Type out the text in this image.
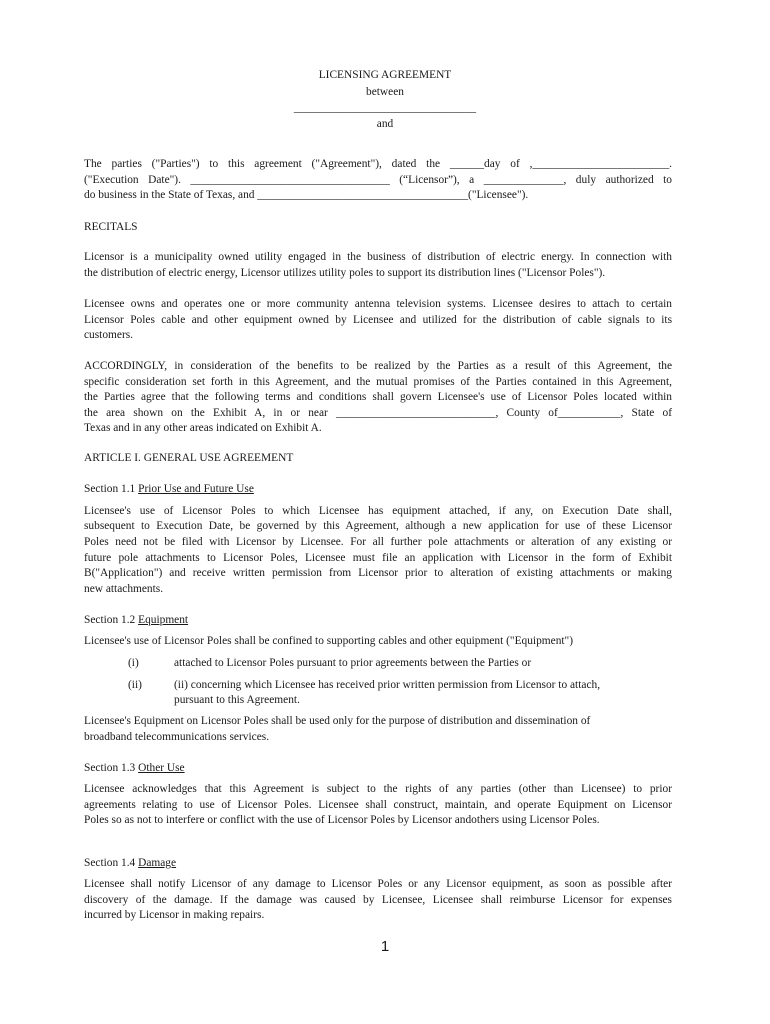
LICENSING AGREEMENT
between
________________________________
and
The parties ("Parties") to this agreement ("Agreement"), dated the ______day of ,________________________.
("Execution Date"). ___________________________________ (“Licensor”), a ______________, duly authorized to
do business in the State of Texas, and _____________________________________("Licensee").
RECITALS
Licensor is a municipality owned utility engaged in the business of distribution of electric energy. In connection with
the distribution of electric energy, Licensor utilizes utility poles to support its distribution lines ("Licensor Poles").
Licensee owns and operates one or more community antenna television systems. Licensee desires to attach to certain
Licensor Poles cable and other equipment owned by Licensee and utilized for the distribution of cable signals to its
customers.
ACCORDINGLY, in consideration of the benefits to be realized by the Parties as a result of this Agreement, the
specific consideration set forth in this Agreement, and the mutual promises of the Parties contained in this Agreement,
the Parties agree that the following terms and conditions shall govern Licensee's use of Licensor Poles located within
the area shown on the Exhibit A, in or near ____________________________, County of___________, State of
Texas and in any other areas indicated on Exhibit A.
ARTICLE I. GENERAL USE AGREEMENT
Section 1.1 Prior Use and Future Use
Licensee's use of Licensor Poles to which Licensee has equipment attached, if any, on Execution Date shall,
subsequent to Execution Date, be governed by this Agreement, although a new application for use of these Licensor
Poles need not be filed with Licensor by Licensee. For all further pole attachments or alteration of any existing or
future pole attachments to Licensor Poles, Licensee must file an application with Licensor in the form of Exhibit
B("Application") and receive written permission from Licensor prior to alteration of existing attachments or making
new attachments.
Section 1.2 Equipment
Licensee's use of Licensor Poles shall be confined to supporting cables and other equipment ("Equipment")
(i)	attached to Licensor Poles pursuant to prior agreements between the Parties or
(ii)	(ii) concerning which Licensee has received prior written permission from Licensor to attach,
pursuant to this Agreement.
Licensee's Equipment on Licensor Poles shall be used only for the purpose of distribution and dissemination of
broadband telecommunications services.
Section 1.3 Other Use
Licensee acknowledges that this Agreement is subject to the rights of any parties (other than Licensee) to prior
agreements relating to use of Licensor Poles. Licensee shall construct, maintain, and operate Equipment on Licensor
Poles so as not to interfere or conflict with the use of Licensor Poles by Licensor andothers using Licensor Poles.
Section 1.4 Damage
Licensee shall notify Licensor of any damage to Licensor Poles or any Licensor equipment, as soon as possible after
discovery of the damage. If the damage was caused by Licensee, Licensee shall reimburse Licensor for expenses
incurred by Licensor in making repairs.
1
